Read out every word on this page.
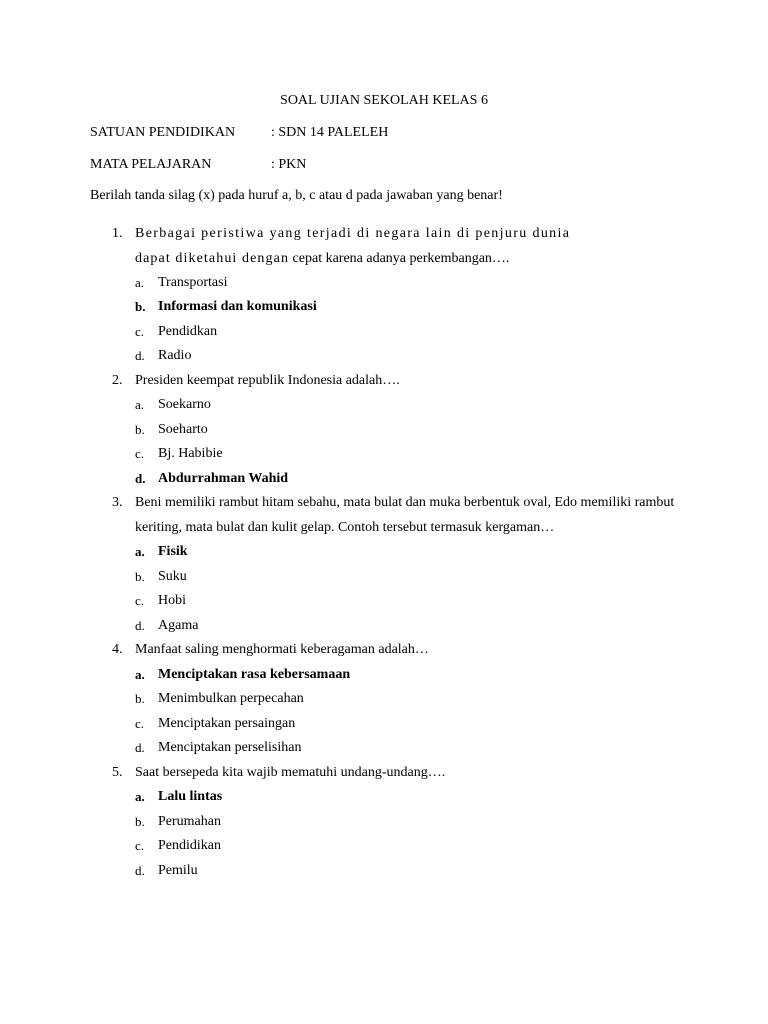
SOAL UJIAN SEKOLAH KELAS 6
SATUAN PENDIDIKAN	: SDN 14 PALELEH
MATA PELAJARAN	: PKN
Berilah tanda silag (x) pada huruf a, b, c atau d pada jawaban yang benar!
1. Berbagai peristiwa yang terjadi di negara lain di penjuru dunia
dapat diketahui dengan cepat karena adanya perkembangan….
a. Transportasi
b. Informasi dan komunikasi
c. Pendidkan
d. Radio
2. Presiden keempat republik Indonesia adalah….
a. Soekarno
b. Soeharto
c. Bj. Habibie
d. Abdurrahman Wahid
3. Beni memiliki rambut hitam sebahu, mata bulat dan muka berbentuk oval, Edo memiliki rambut
keriting, mata bulat dan kulit gelap. Contoh tersebut termasuk kergaman…
a. Fisik
b. Suku
c. Hobi
d. Agama
4. Manfaat saling menghormati keberagaman adalah…
a. Menciptakan rasa kebersamaan
b. Menimbulkan perpecahan
c. Menciptakan persaingan
d. Menciptakan perselisihan
5. Saat bersepeda kita wajib mematuhi undang-undang….
a. Lalu lintas
b. Perumahan
c. Pendidikan
d. Pemilu
